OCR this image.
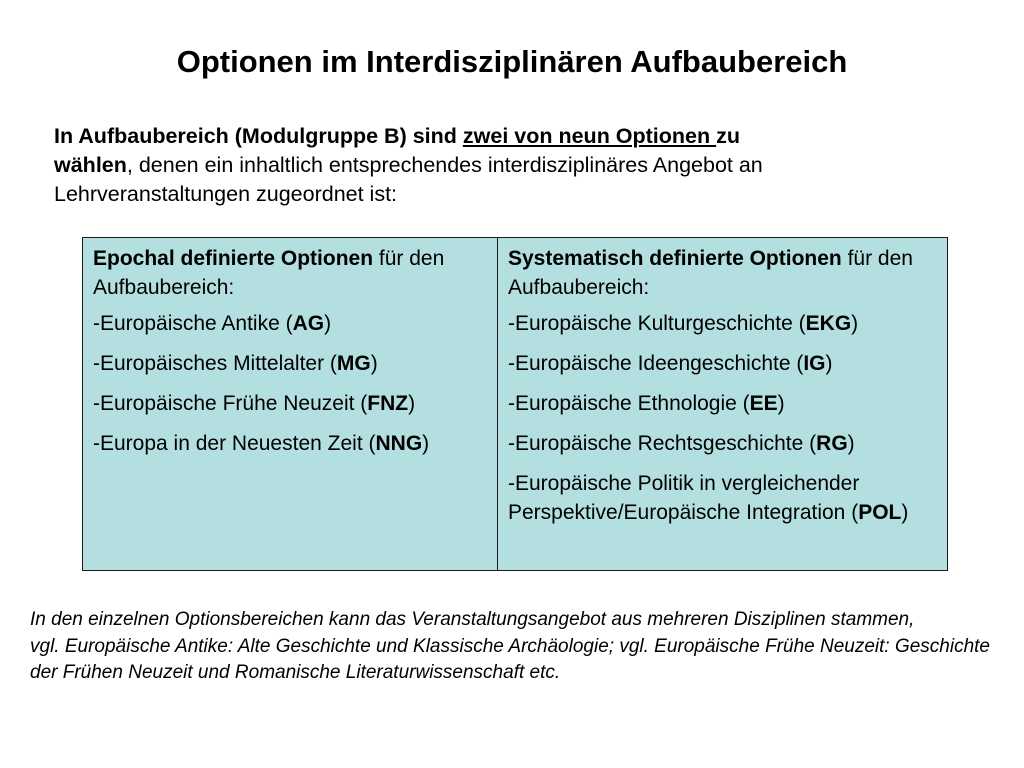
Optionen im Interdisziplinären Aufbaubereich
In Aufbaubereich (Modulgruppe B) sind zwei von neun Optionen zu
wählen, denen ein inhaltlich entsprechendes interdisziplinäres Angebot an Lehrveranstaltungen zugeordnet ist:
Epochal definierte Optionen für den Aufbaubereich:
-Europäische Antike (AG)
-Europäisches Mittelalter (MG)
-Europäische Frühe Neuzeit (FNZ)
-Europa in der Neuesten Zeit (NNG)

Systematisch definierte Optionen für den Aufbaubereich:
-Europäische Kulturgeschichte (EKG)
-Europäische Ideengeschichte (IG)
-Europäische Ethnologie (EE)
-Europäische Rechtsgeschichte (RG)
-Europäische Politik in vergleichender Perspektive/Europäische Integration (POL)
In den einzelnen Optionsbereichen kann das Veranstaltungsangebot aus mehreren Disziplinen stammen,
vgl. Europäische Antike: Alte Geschichte und Klassische Archäologie; vgl. Europäische Frühe Neuzeit: Geschichte der Frühen Neuzeit und Romanische Literaturwissenschaft etc.
